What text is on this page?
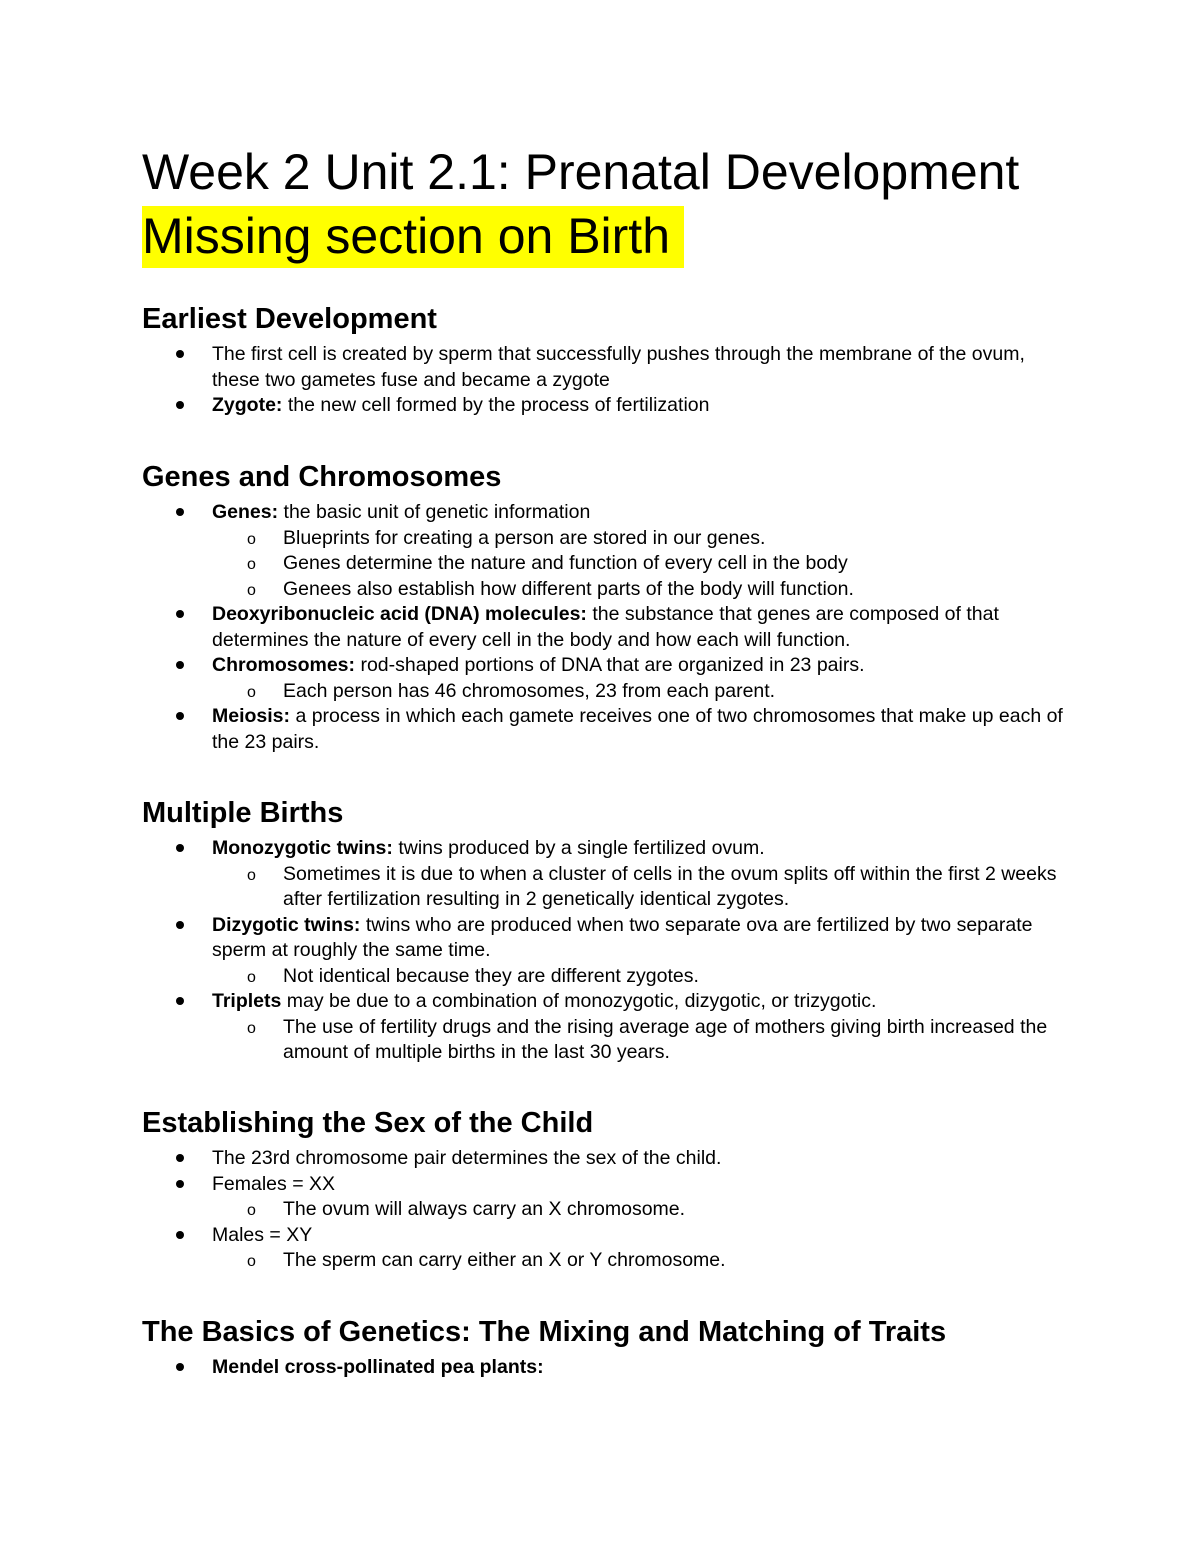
Week 2 Unit 2.1: Prenatal Development
Missing section on Birth
Earliest Development
The first cell is created by sperm that successfully pushes through the membrane of the ovum, these two gametes fuse and became a zygote
Zygote: the new cell formed by the process of fertilization
Genes and Chromosomes
Genes: the basic unit of genetic information
o Blueprints for creating a person are stored in our genes.
o Genes determine the nature and function of every cell in the body
o Genees also establish how different parts of the body will function.
Deoxyribonucleic acid (DNA) molecules: the substance that genes are composed of that determines the nature of every cell in the body and how each will function.
Chromosomes: rod-shaped portions of DNA that are organized in 23 pairs.
o Each person has 46 chromosomes, 23 from each parent.
Meiosis: a process in which each gamete receives one of two chromosomes that make up each of the 23 pairs.
Multiple Births
Monozygotic twins: twins produced by a single fertilized ovum.
o Sometimes it is due to when a cluster of cells in the ovum splits off within the first 2 weeks after fertilization resulting in 2 genetically identical zygotes.
Dizygotic twins: twins who are produced when two separate ova are fertilized by two separate sperm at roughly the same time.
o Not identical because they are different zygotes.
Triplets may be due to a combination of monozygotic, dizygotic, or trizygotic.
o The use of fertility drugs and the rising average age of mothers giving birth increased the amount of multiple births in the last 30 years.
Establishing the Sex of the Child
The 23rd chromosome pair determines the sex of the child.
Females = XX
o The ovum will always carry an X chromosome.
Males = XY
o The sperm can carry either an X or Y chromosome.
The Basics of Genetics: The Mixing and Matching of Traits
Mendel cross-pollinated pea plants:
